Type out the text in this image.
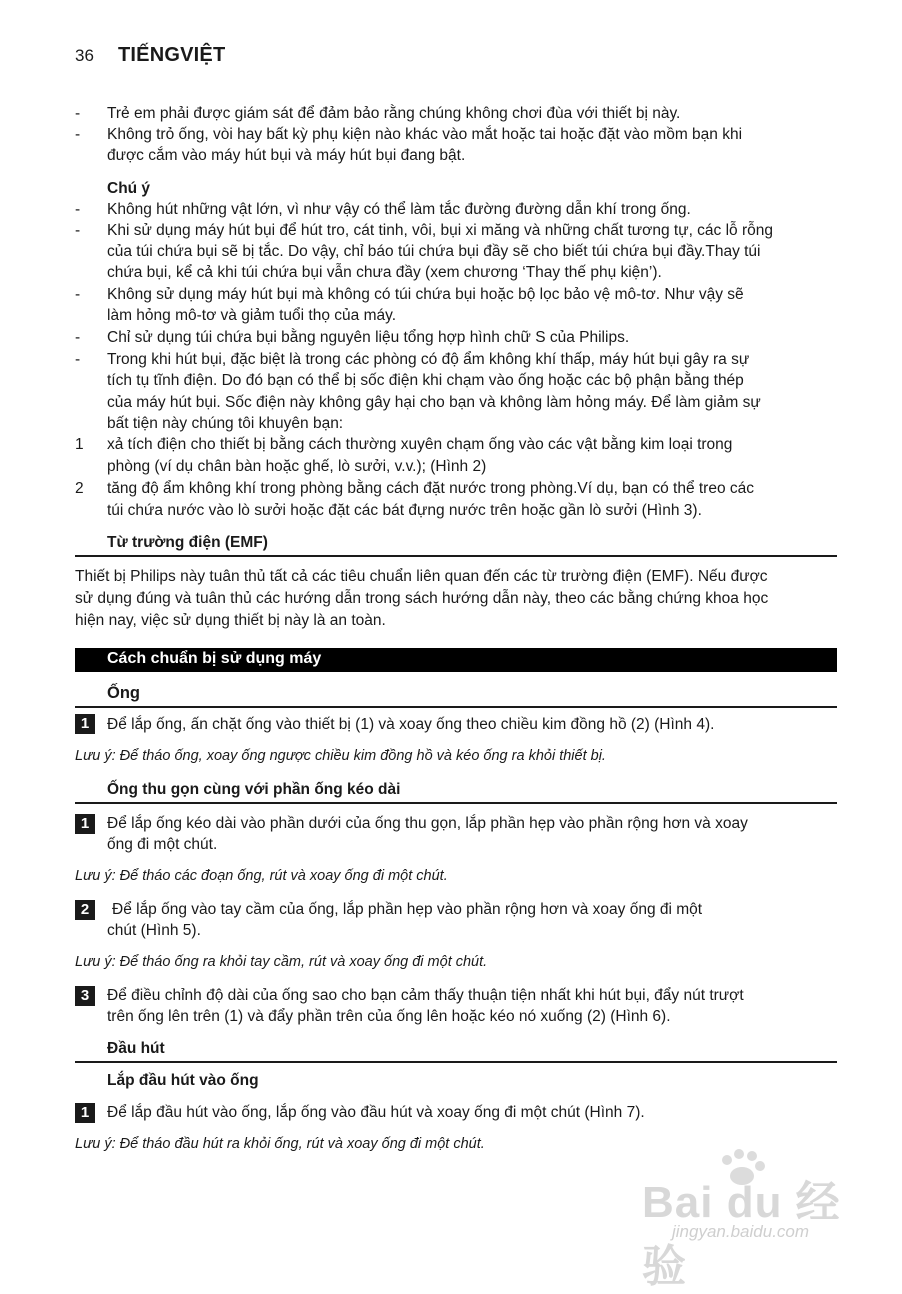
36 TIẾNGVIỆT
- Trẻ em phải được giám sát để đảm bảo rằng chúng không chơi đùa với thiết bị này.
- Không trỏ ống, vòi hay bất kỳ phụ kiện nào khác vào mắt hoặc tai hoặc đặt vào mồm bạn khi
được cắm vào máy hút bụi và máy hút bụi đang bật.
Chú ý
- Không hút những vật lớn, vì như vậy có thể làm tắc đường đường dẫn khí trong ống.
- Khi sử dụng máy hút bụi để hút tro, cát tinh, vôi, bụi xi măng và những chất tương tự, các lỗ rỗng
của túi chứa bụi sẽ bị tắc. Do vậy, chỉ báo túi chứa bụi đầy sẽ cho biết túi chứa bụi đầy.Thay túi
chứa bụi, kể cả khi túi chứa bụi vẫn chưa đầy (xem chương ‘Thay thế phụ kiện’).
- Không sử dụng máy hút bụi mà không có túi chứa bụi hoặc bộ lọc bảo vệ mô-tơ. Như vậy sẽ
làm hỏng mô-tơ và giảm tuổi thọ của máy.
- Chỉ sử dụng túi chứa bụi bằng nguyên liệu tổng hợp hình chữ S của Philips.
- Trong khi hút bụi, đặc biệt là trong các phòng có độ ẩm không khí thấp, máy hút bụi gây ra sự
tích tụ tĩnh điện. Do đó bạn có thể bị sốc điện khi chạm vào ống hoặc các bộ phận bằng thép
của máy hút bụi. Sốc điện này không gây hại cho bạn và không làm hỏng máy. Để làm giảm sự
bất tiện này chúng tôi khuyên bạn:
1 xả tích điện cho thiết bị bằng cách thường xuyên chạm ống vào các vật bằng kim loại trong
phòng (ví dụ chân bàn hoặc ghế, lò sưởi, v.v.); (Hình 2)
2 tăng độ ẩm không khí trong phòng bằng cách đặt nước trong phòng.Ví dụ, bạn có thể treo các
túi chứa nước vào lò sưởi hoặc đặt các bát đựng nước trên hoặc gần lò sưởi (Hình 3).
Từ trường điện (EMF)
Thiết bị Philips này tuân thủ tất cả các tiêu chuẩn liên quan đến các từ trường điện (EMF). Nếu được
sử dụng đúng và tuân thủ các hướng dẫn trong sách hướng dẫn này, theo các bằng chứng khoa học
hiện nay, việc sử dụng thiết bị này là an toàn.
Cách chuẩn bị sử dụng máy
Ống
1	Để lắp ống, ấn chặt ống vào thiết bị (1) và xoay ống theo chiều kim đồng hồ (2) (Hình 4).
Lưu ý: Để tháo ống, xoay ống ngược chiều kim đồng hồ và kéo ống ra khỏi thiết bị.
Ống thu gọn cùng với phần ống kéo dài
1	Để lắp ống kéo dài vào phần dưới của ống thu gọn, lắp phần hẹp vào phần rộng hơn và xoay
ống đi một chút.
Lưu ý: Để tháo các đoạn ống, rút và xoay ống đi một chút.
2	Để lắp ống vào tay cầm của ống, lắp phần hẹp vào phần rộng hơn và xoay ống đi một
chút (Hình 5).
Lưu ý: Để tháo ống ra khỏi tay cầm, rút và xoay ống đi một chút.
3	Để điều chỉnh độ dài của ống sao cho bạn cảm thấy thuận tiện nhất khi hút bụi, đẩy nút trượt
trên ống lên trên (1) và đẩy phần trên của ống lên hoặc kéo nó xuống (2) (Hình 6).
Đầu hút
Lắp đầu hút vào ống
1	Để lắp đầu hút vào ống, lắp ống vào đầu hút và xoay ống đi một chút (Hình 7).
Lưu ý: Để tháo đầu hút ra khỏi ống, rút và xoay ống đi một chút.
Bai du 经验
jingyan.baidu.com
